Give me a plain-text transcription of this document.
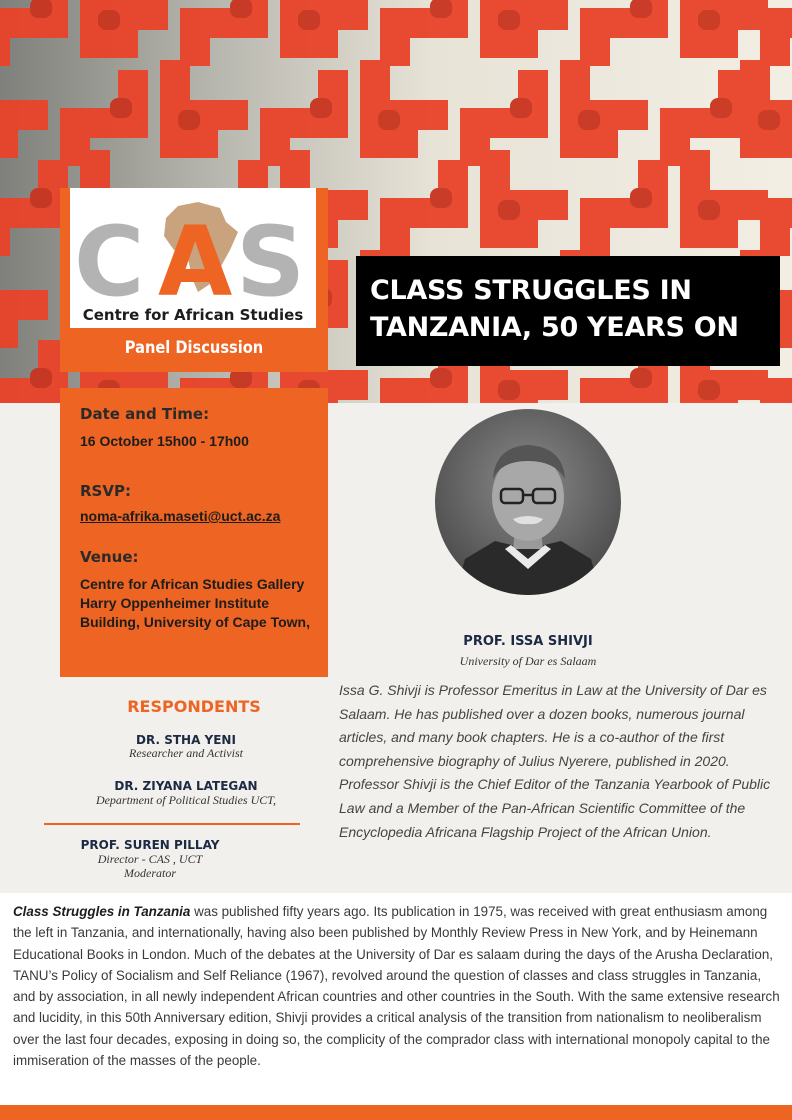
C A S
Centre for African Studies
Panel Discussion
CLASS STRUGGLES IN
TANZANIA, 50 YEARS ON
Date and Time:
16 October 15h00 - 17h00
RSVP:
noma-afrika.maseti@uct.ac.za
Venue:
Centre for African Studies Gallery
Harry Oppenheimer Institute
Building, University of Cape Town,
PROF. ISSA SHIVJI
University of Dar es Salaam
Issa G. Shivji is Professor Emeritus in Law at the University of Dar es Salaam. He has published over a dozen books, numerous journal articles, and many book chapters. He is a co-author of the first comprehensive biography of Julius Nyerere, published in 2020. Professor Shivji is the Chief Editor of the Tanzania Yearbook of Public Law and a Member of the Pan-African Scientific Committee of the Encyclopedia Africana Flagship Project of the African Union.
RESPONDENTS
DR. STHA YENI
Researcher and Activist
DR. ZIYANA LATEGAN
Department of Political Studies UCT,
PROF. SUREN PILLAY
Director - CAS , UCT
Moderator
Class Struggles in Tanzania was published fifty years ago. Its publication in 1975, was received with great enthusiasm among the left in Tanzania, and internationally, having also been published by Monthly Review Press in New York, and by Heinemann Educational Books in London. Much of the debates at the University of Dar es salaam during the days of the Arusha Declaration, TANU’s Policy of Socialism and Self Reliance (1967), revolved around the question of classes and class struggles in Tanzania, and by association, in all newly independent African countries and other countries in the South. With the same extensive research and lucidity, in this 50th Anniversary edition, Shivji provides a critical analysis of the transition from nationalism to neoliberalism over the last four decades, exposing in doing so, the complicity of the comprador class with international monopoly capital to the immiseration of the masses of the people.
